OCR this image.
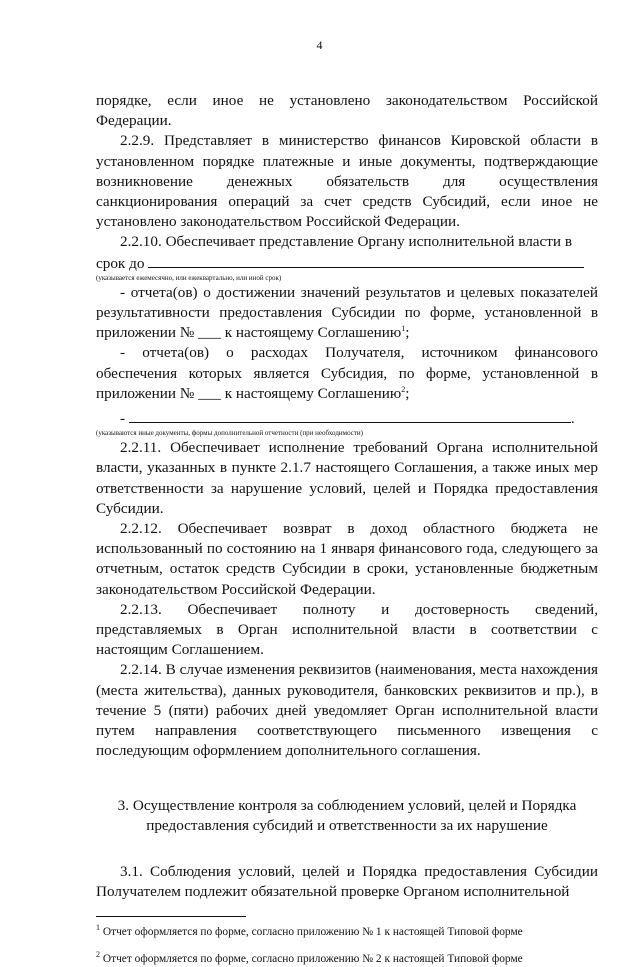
4

порядке, если иное не установлено законодательством Российской Федерации.

2.2.9. Представляет в министерство финансов Кировской области в установленном порядке платежные и иные документы, подтверждающие возникновение денежных обязательств для осуществления санкционирования операций за счет средств Субсидий, если иное не установлено законодательством Российской Федерации.

2.2.10. Обеспечивает представление Органу исполнительной власти в

срок до

(указывается ежемесячно, или ежеквартально, или иной срок)

- отчета(ов) о достижении значений результатов и целевых показателей результативности предоставления Субсидии по форме, установленной в приложении № ___ к настоящему Соглашению$^1$;

- отчета(ов) о расходах Получателя, источником финансового обеспечения которых является Субсидия, по форме, установленной в приложении № ___ к настоящему Соглашению$^2$;

-	.

(указываются иные документы, формы дополнительной отчетности (при необходимости)

2.2.11. Обеспечивает исполнение требований Органа исполнительной власти, указанных в пункте 2.1.7 настоящего Соглашения, а также иных мер ответственности за нарушение условий, целей и Порядка предоставления Субсидии.

2.2.12. Обеспечивает возврат в доход областного бюджета не использованный по состоянию на 1 января финансового года, следующего за отчетным, остаток средств Субсидии в сроки, установленные бюджетным законодательством Российской Федерации.

2.2.13. Обеспечивает полноту и достоверность сведений, представляемых в Орган исполнительной власти в соответствии с настоящим Соглашением.

2.2.14. В случае изменения реквизитов (наименования, места нахождения (места жительства), данных руководителя, банковских реквизитов и пр.), в течение 5 (пяти) рабочих дней уведомляет Орган исполнительной власти путем направления соответствующего письменного извещения с последующим оформлением дополнительного соглашения.

3. Осуществление контроля за соблюдением условий, целей и Порядка предоставления субсидий и ответственности за их нарушение

3.1. Соблюдения условий, целей и Порядка предоставления Субсидии Получателем подлежит обязательной проверке Органом исполнительной

$^1$ Отчет оформляется по форме, согласно приложению № 1 к настоящей Типовой форме

$^2$ Отчет оформляется по форме, согласно приложению № 2 к настоящей Типовой форме
